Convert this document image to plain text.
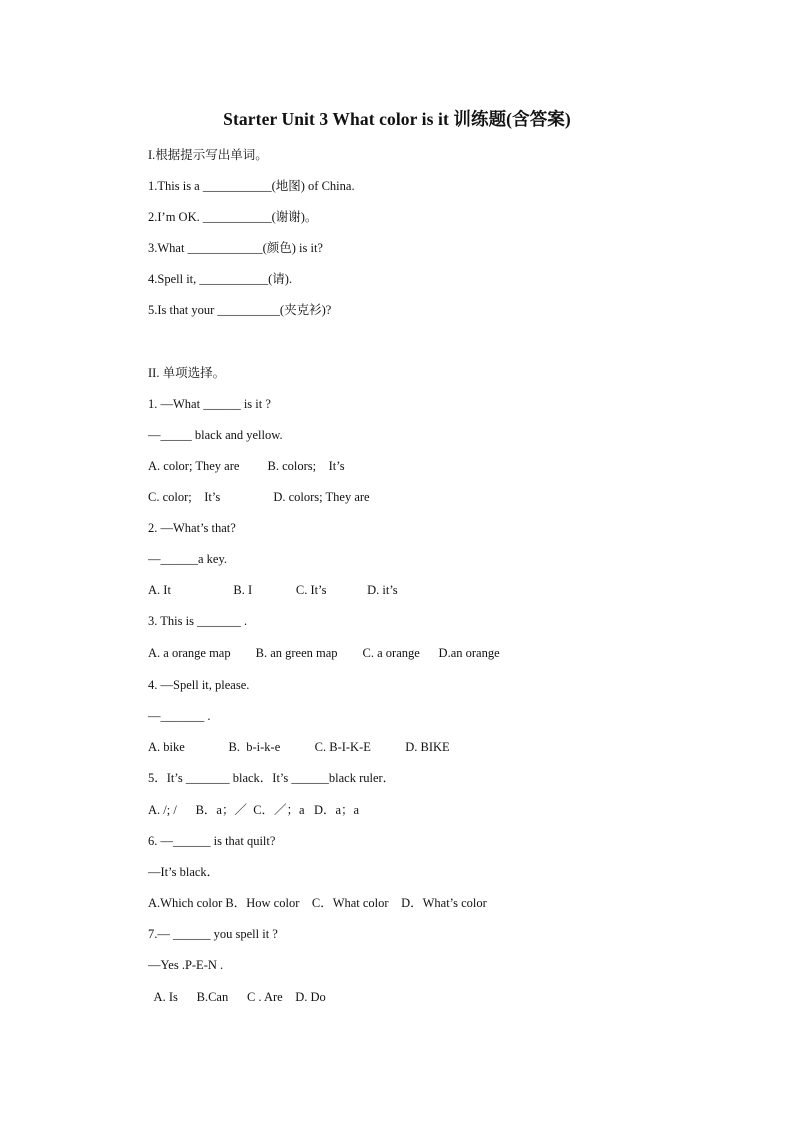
Starter Unit 3 What color is it 训练题(含答案)
I.根据提示写出单词。
1.This is a ___________(地图) of China.
2.I’m OK. ___________(谢谢)。
3.What ____________(颜色) is it?
4.Spell it, ___________(请).
5.Is that your __________(夹克衫)?
II. 单项选择。
1. —What ______ is it ?
—_____ black and yellow.
A. color; They are         B. colors;    It’s
C. color;    It’s                 D. colors; They are
2. —What’s that?
—______a key.
A. It                    B. I              C. It’s             D. it’s
3. This is _______ .
A. a orange map        B. an green map        C. a orange      D.an orange
4. —Spell it, please.
—_______ .
A. bike              B.  b-i-k-e           C. B-I-K-E           D. BIKE
5．It’s _______ black．It’s ______black ruler．
A. /; /      B．a；／  C．／；a   D．a；a
6. —______ is that quilt?
—It’s black．
A.Which color B．How color    C．What color    D．What’s color
7.— ______ you spell it ?
—Yes .P-E-N .
A. Is      B.Can      C . Are    D. Do
